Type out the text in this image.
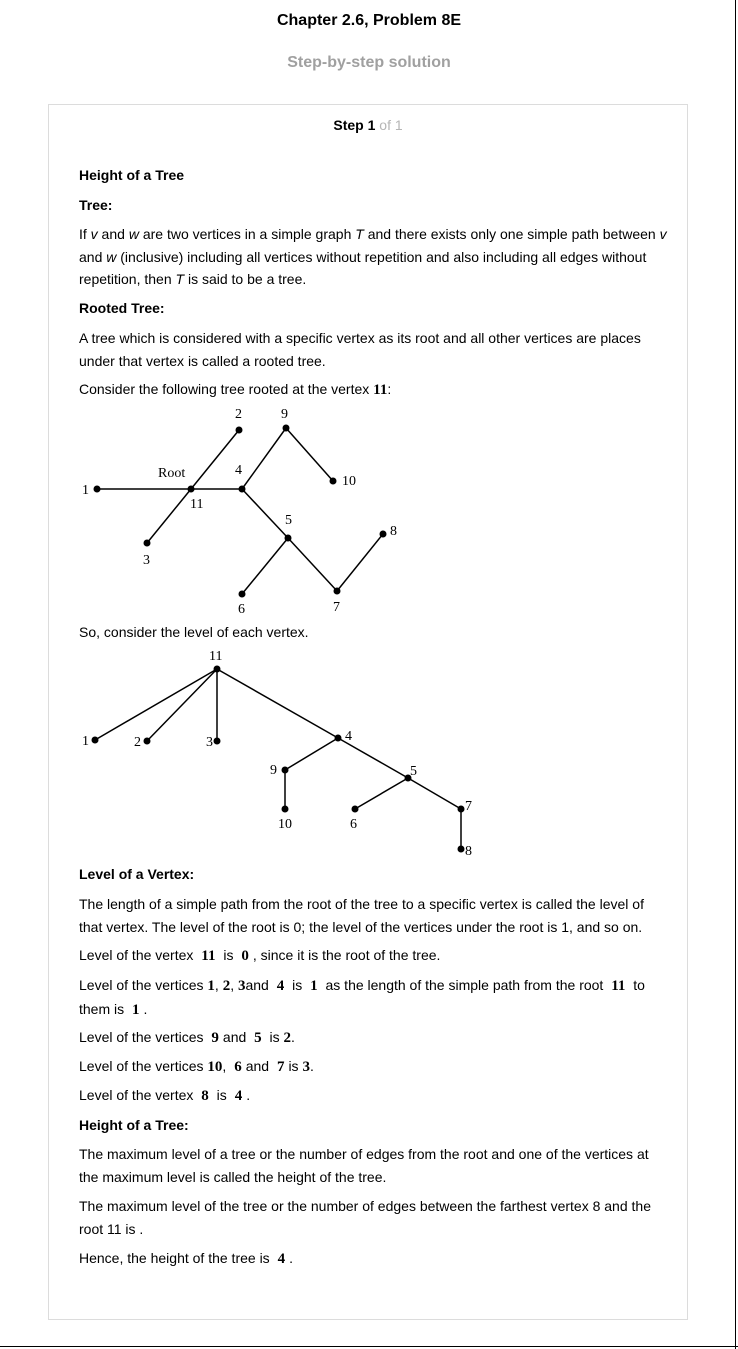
Chapter 2.6, Problem 8E
Step-by-step solution
Step 1 of 1
Height of a Tree
Tree:
If v and w are two vertices in a simple graph T and there exists only one simple path between v and w (inclusive) including all vertices without repetition and also including all edges without repetition, then T is said to be a tree.
Rooted Tree:
A tree which is considered with a specific vertex as its root and all other vertices are places under that vertex is called a rooted tree.
Consider the following tree rooted at the vertex 11:
Root
1
2
3
4
5
6	7
8
9
10
11
So, consider the level of each vertex.
11
1	2	3	4
9	5
10	6
7
8
Level of a Vertex:
The length of a simple path from the root of the tree to a specific vertex is called the level of that vertex. The level of the root is 0; the level of the vertices under the root is 1, and so on.
Level of the vertex 11 is 0 , since it is the root of the tree.
Level of the vertices 1, 2, 3and 4 is 1 as the length of the simple path from the root 11 to them is 1 .
Level of the vertices 9 and 5 is 2.
Level of the vertices 10, 6 and 7 is 3.
Level of the vertex 8 is 4 .
Height of a Tree:
The maximum level of a tree or the number of edges from the root and one of the vertices at the maximum level is called the height of the tree.
The maximum level of the tree or the number of edges between the farthest vertex 8 and the root 11 is .
Hence, the height of the tree is 4 .
